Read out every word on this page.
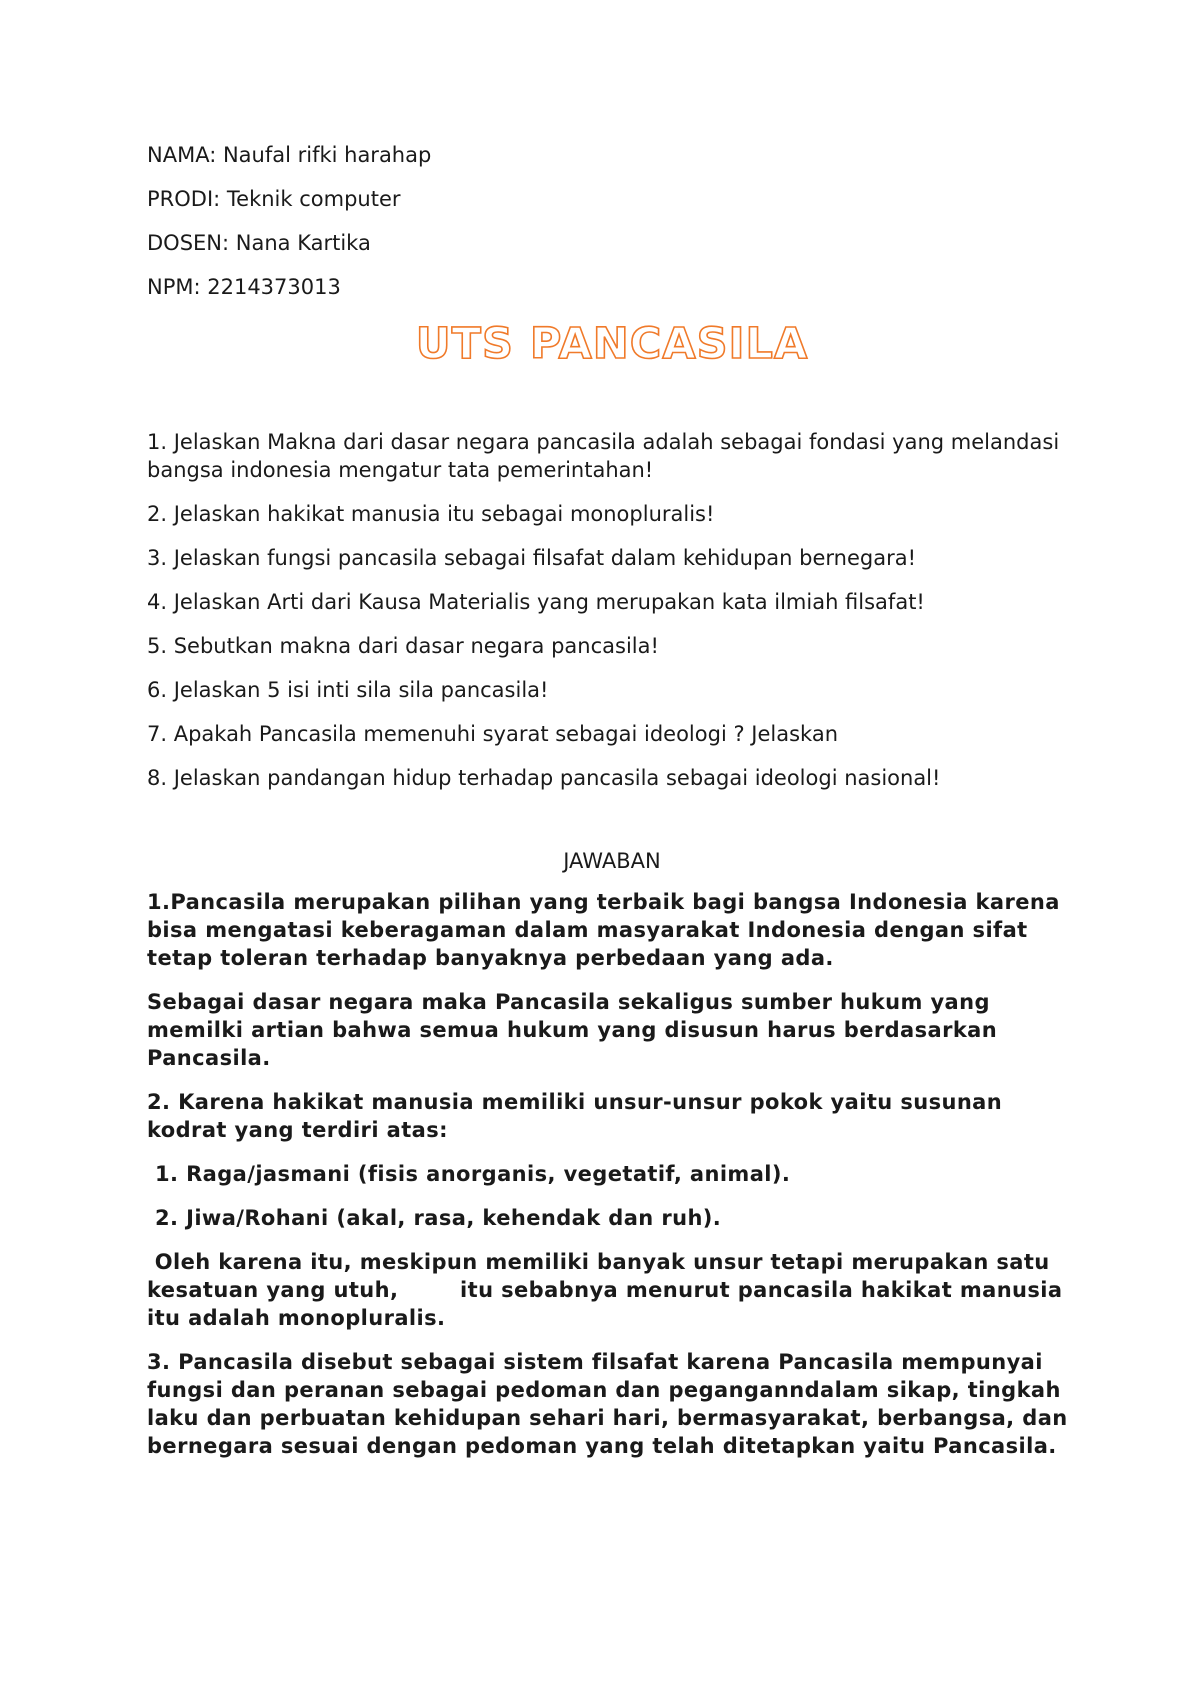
NAMA: Naufal rifki harahap
PRODI: Teknik computer
DOSEN: Nana Kartika
NPM: 2214373013
UTS PANCASILA
1. Jelaskan Makna dari dasar negara pancasila adalah sebagai fondasi yang melandasi bangsa indonesia mengatur tata pemerintahan!
2. Jelaskan hakikat manusia itu sebagai monopluralis!
3. Jelaskan fungsi pancasila sebagai filsafat dalam kehidupan bernegara!
4. Jelaskan Arti dari Kausa Materialis yang merupakan kata ilmiah filsafat!
5. Sebutkan makna dari dasar negara pancasila!
6. Jelaskan 5 isi inti sila sila pancasila!
7. Apakah Pancasila memenuhi syarat sebagai ideologi ? Jelaskan
8. Jelaskan pandangan hidup terhadap pancasila sebagai ideologi nasional!
JAWABAN
1.Pancasila merupakan pilihan yang terbaik bagi bangsa Indonesia karena bisa mengatasi keberagaman dalam masyarakat Indonesia dengan sifat tetap toleran terhadap banyaknya perbedaan yang ada.
Sebagai dasar negara maka Pancasila sekaligus sumber hukum yang memilki artian bahwa semua hukum yang disusun harus berdasarkan Pancasila.
2. Karena hakikat manusia memiliki unsur-unsur pokok yaitu susunan kodrat yang terdiri atas:
1. Raga/jasmani (fisis anorganis, vegetatif, animal).
2. Jiwa/Rohani (akal, rasa, kehendak dan ruh).
Oleh karena itu, meskipun memiliki banyak unsur tetapi merupakan satu kesatuan yang utuh,        itu sebabnya menurut pancasila hakikat manusia itu adalah monopluralis.
3. Pancasila disebut sebagai sistem filsafat karena Pancasila mempunyai fungsi dan peranan sebagai pedoman dan peganganndalam sikap, tingkah laku dan perbuatan kehidupan sehari hari, bermasyarakat, berbangsa, dan bernegara sesuai dengan pedoman yang telah ditetapkan yaitu Pancasila.
